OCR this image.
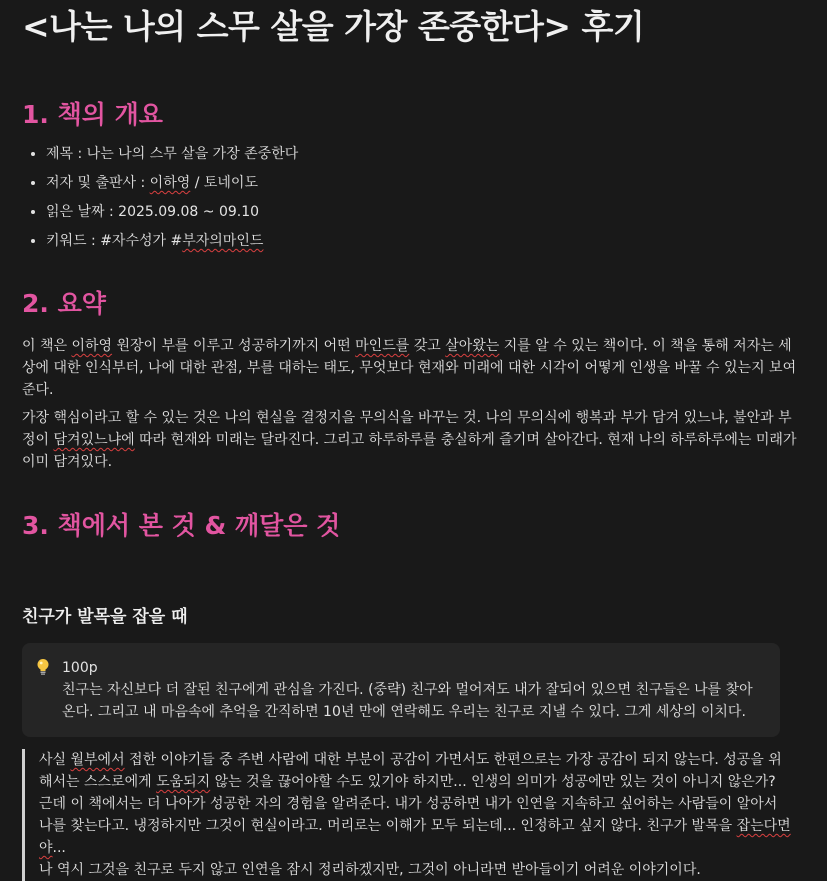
<나는 나의 스무 살을 가장 존중한다> 후기
1. 책의 개요
• 제목 : 나는 나의 스무 살을 가장 존중한다
• 저자 및 출판사 : 이하영 / 토네이도
• 읽은 날짜 : 2025.09.08 ~ 09.10
• 키워드 : #자수성가 #부자의마인드
2. 요약

이 책은 이하영 원장이 부를 이루고 성공하기까지 어떤 마인드를 갖고 살아왔는 지를 알 수 있는 책이다. 이 책을 통해 저자는 세상에 대한 인식부터, 나에 대한 관점, 부를 대하는 태도, 무엇보다 현재와 미래에 대한 시각이 어떻게 인생을 바꿀 수 있는지 보여준다.

가장 핵심이라고 할 수 있는 것은 나의 현실을 결정지을 무의식을 바꾸는 것. 나의 무의식에 행복과 부가 담겨 있느냐, 불안과 부정이 담겨있느냐에 따라 현재와 미래는 달라진다. 그리고 하루하루를 충실하게 즐기며 살아간다. 현재 나의 하루하루에는 미래가 이미 담겨있다.

3. 책에서 본 것 & 깨달은 것
친구가 발목을 잡을 때
100p
친구는 자신보다 더 잘된 친구에게 관심을 가진다. (중략) 친구와 멀어져도 내가 잘되어 있으면 친구들은 나를 찾아온다. 그리고 내 마음속에 추억을 간직하면 10년 만에 연락해도 우리는 친구로 지낼 수 있다. 그게 세상의 이치다.
사실 월부에서 접한 이야기들 중 주변 사람에 대한 부분이 공감이 가면서도 한편으로는 가장 공감이 되지 않는다. 성공을 위해서는 스스로에게 도움되지 않는 것을 끊어야할 수도 있기야 하지만... 인생의 의미가 성공에만 있는 것이 아니지 않은가?
근데 이 책에서는 더 나아가 성공한 자의 경험을 알려준다. 내가 성공하면 내가 인연을 지속하고 싶어하는 사람들이 알아서 나를 찾는다고. 냉정하지만 그것이 현실이라고. 머리로는 이해가 모두 되는데... 인정하고 싶지 않다. 친구가 발목을 잡는다면야...
나 역시 그것을 친구로 두지 않고 인연을 잠시 정리하겠지만, 그것이 아니라면 받아들이기 어려운 이야기이다.
